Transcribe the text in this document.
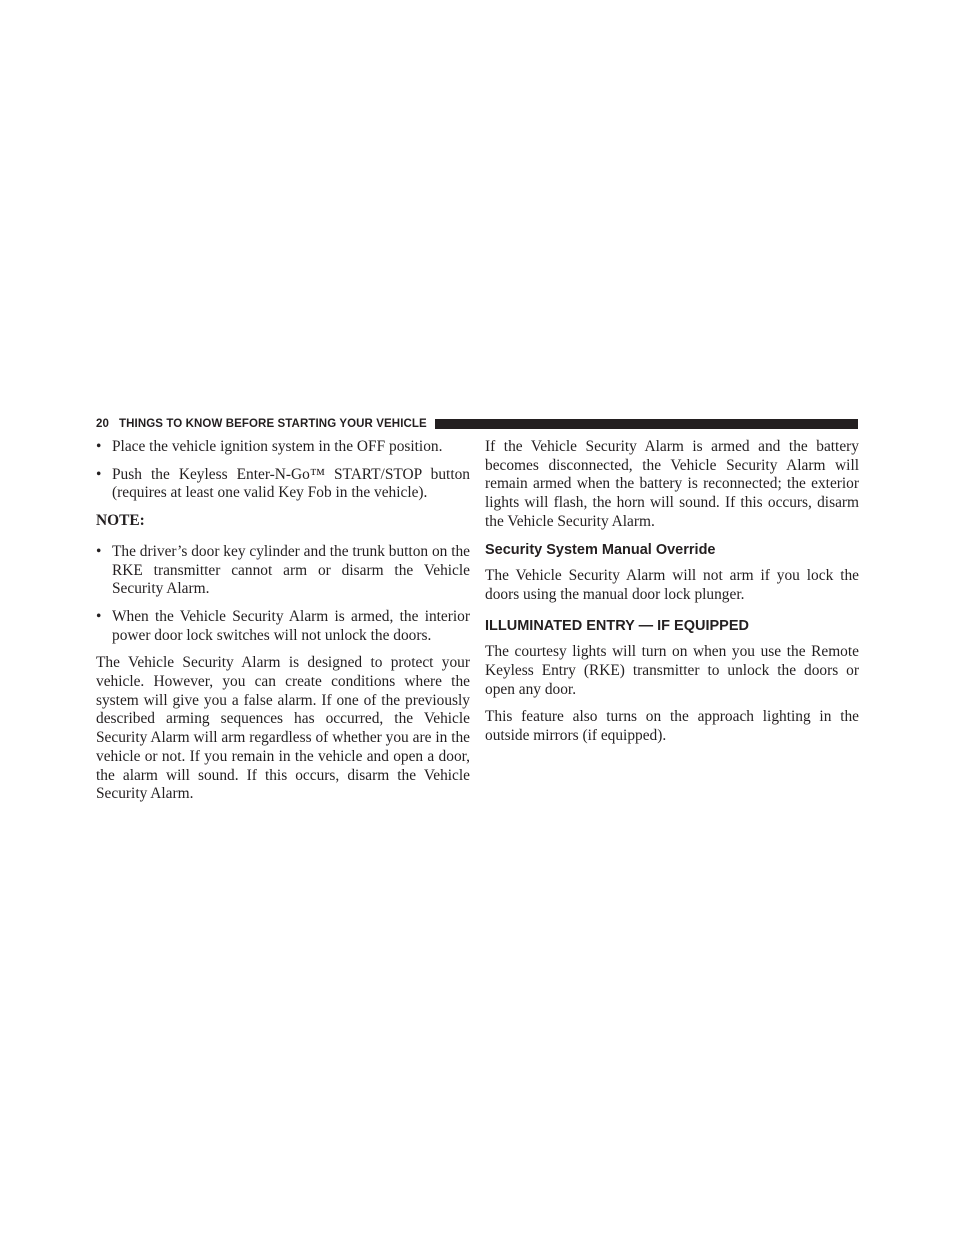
20 THINGS TO KNOW BEFORE STARTING YOUR VEHICLE
• Place the vehicle ignition system in the OFF position.
• Push the Keyless Enter-N-Go™ START/STOP button (requires at least one valid Key Fob in the vehicle).
NOTE:
• The driver’s door key cylinder and the trunk button on the RKE transmitter cannot arm or disarm the Vehicle Security Alarm.
• When the Vehicle Security Alarm is armed, the interior power door lock switches will not unlock the doors.

The Vehicle Security Alarm is designed to protect your vehicle. However, you can create conditions where the system will give you a false alarm. If one of the previously described arming sequences has occurred, the Vehicle Security Alarm will arm regardless of whether you are in the vehicle or not. If you remain in the vehicle and open a door, the alarm will sound. If this occurs, disarm the Vehicle Security Alarm.

If the Vehicle Security Alarm is armed and the battery becomes disconnected, the Vehicle Security Alarm will remain armed when the battery is reconnected; the exterior lights will flash, the horn will sound. If this occurs, disarm the Vehicle Security Alarm.

Security System Manual Override

The Vehicle Security Alarm will not arm if you lock the doors using the manual door lock plunger.

ILLUMINATED ENTRY — IF EQUIPPED

The courtesy lights will turn on when you use the Remote Keyless Entry (RKE) transmitter to unlock the doors or open any door.

This feature also turns on the approach lighting in the outside mirrors (if equipped).
